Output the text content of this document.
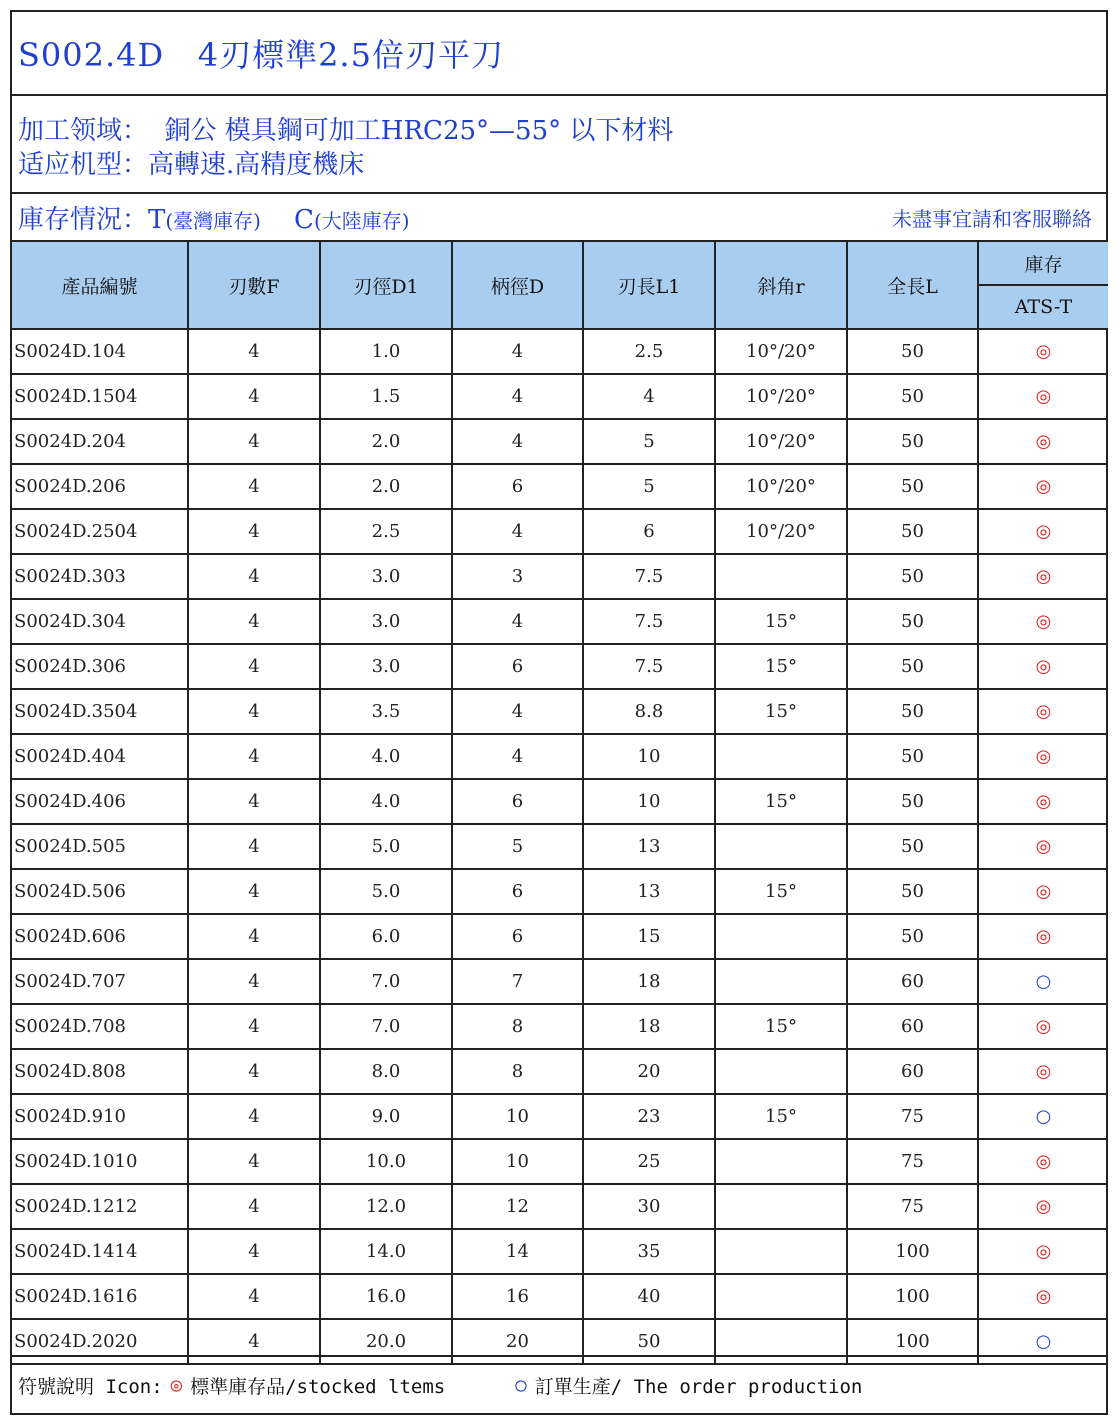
S002.4D   4刃標準2.5倍刃平刀
加工领域：  銅公 模具鋼可加工HRC25°—55° 以下材料
适应机型：高轉速.高精度機床
庫存情況：T(臺灣庫存) C(大陸庫存)	未盡事宜請和客服聯絡
產品編號	刃數F	刃徑D1	柄徑D	刃長L1	斜角r	全長L	庫存
							ATS-T
S0024D.104	4	1.0	4	2.5	10°/20°	50	◎
S0024D.1504	4	1.5	4	4	10°/20°	50	◎
S0024D.204	4	2.0	4	5	10°/20°	50	◎
S0024D.206	4	2.0	6	5	10°/20°	50	◎
S0024D.2504	4	2.5	4	6	10°/20°	50	◎
S0024D.303	4	3.0	3	7.5		50	◎
S0024D.304	4	3.0	4	7.5	15°	50	◎
S0024D.306	4	3.0	6	7.5	15°	50	◎
S0024D.3504	4	3.5	4	8.8	15°	50	◎
S0024D.404	4	4.0	4	10		50	◎
S0024D.406	4	4.0	6	10	15°	50	◎
S0024D.505	4	5.0	5	13		50	◎
S0024D.506	4	5.0	6	13	15°	50	◎
S0024D.606	4	6.0	6	15		50	◎
S0024D.707	4	7.0	7	18		60	○
S0024D.708	4	7.0	8	18	15°	60	◎
S0024D.808	4	8.0	8	20		60	◎
S0024D.910	4	9.0	10	23	15°	75	○
S0024D.1010	4	10.0	10	25		75	◎
S0024D.1212	4	12.0	12	30		75	◎
S0024D.1414	4	14.0	14	35		100	◎
S0024D.1616	4	16.0	16	40		100	◎
S0024D.2020	4	20.0	20	50		100	○
符號說明 Icon: ◎ 標準庫存品/stocked ltems	○ 訂單生產/ The order production
